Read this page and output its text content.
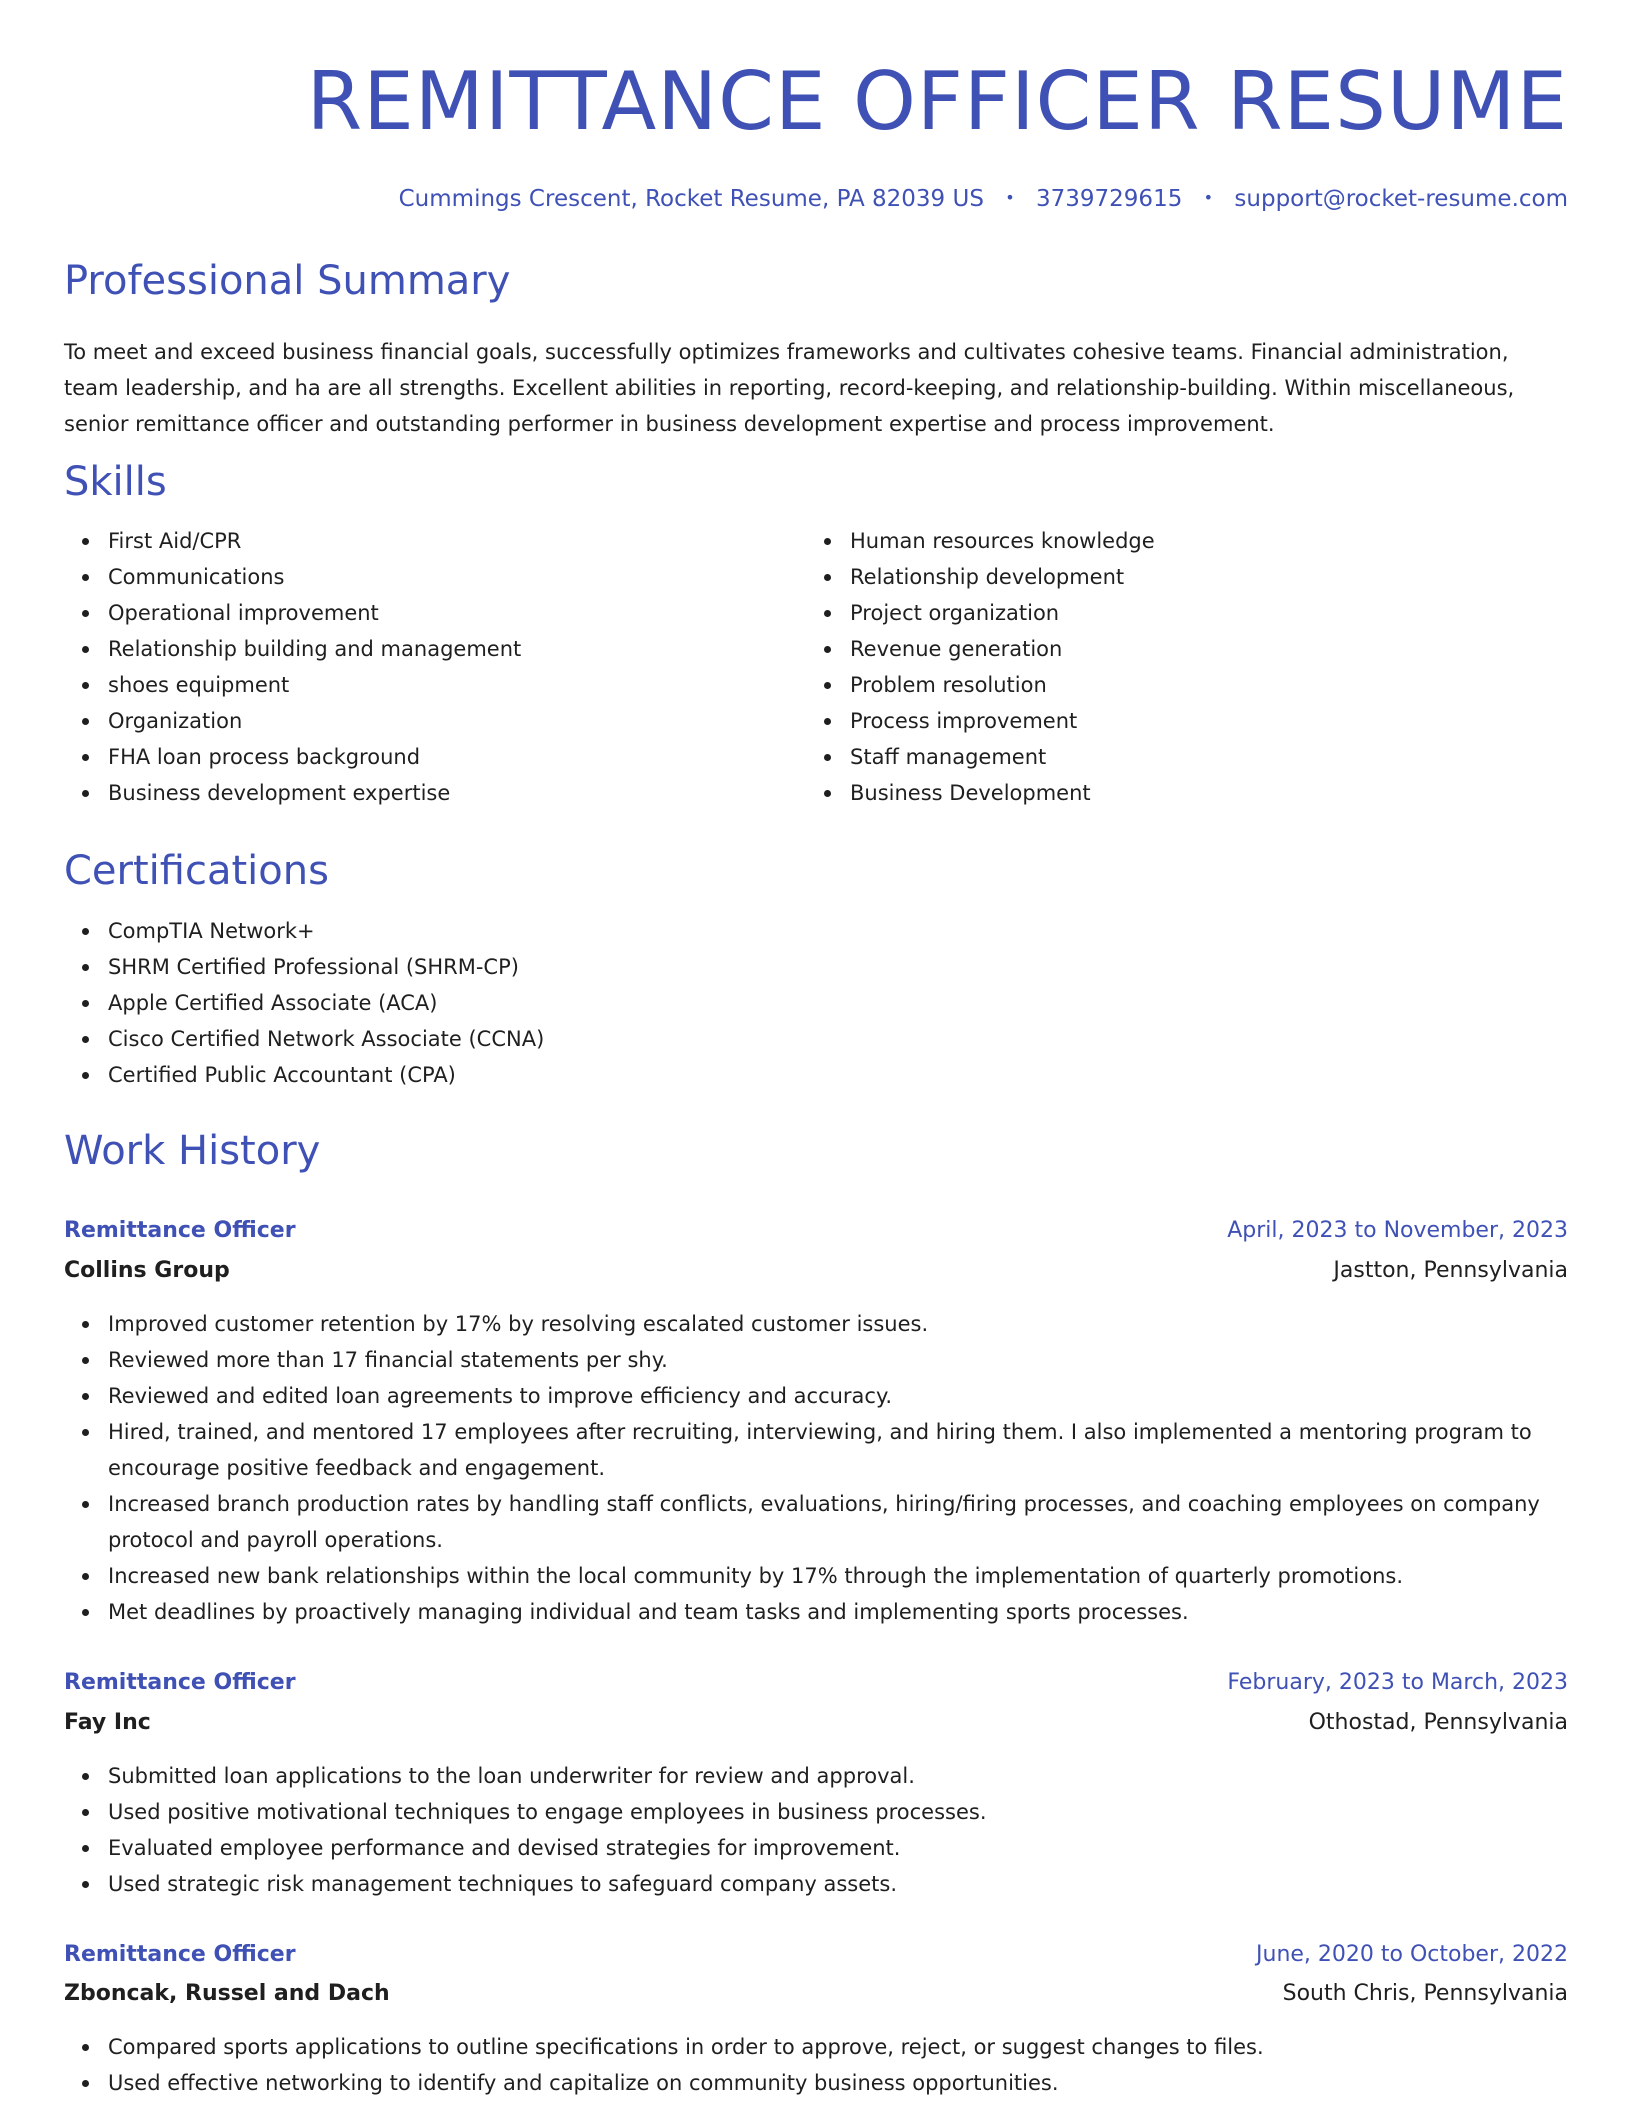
REMITTANCE OFFICER RESUME
Cummings Crescent, Rocket Resume, PA 82039 US • 3739729615 • support@rocket-resume.com
Professional Summary

To meet and exceed business financial goals, successfully optimizes frameworks and cultivates cohesive teams. Financial administration, team leadership, and ha are all strengths. Excellent abilities in reporting, record-keeping, and relationship-building. Within miscellaneous, senior remittance officer and outstanding performer in business development expertise and process improvement.

Skills
First Aid/CPR
Communications
Operational improvement
Relationship building and management
shoes equipment
Organization
FHA loan process background
Business development expertise
Human resources knowledge
Relationship development
Project organization
Revenue generation
Problem resolution
Process improvement
Staff management
Business Development
Certifications
CompTIA Network+
SHRM Certified Professional (SHRM-CP)
Apple Certified Associate (ACA)
Cisco Certified Network Associate (CCNA)
Certified Public Accountant (CPA)
Work History
Remittance Officer	April, 2023 to November, 2023
Collins Group	Jastton, Pennsylvania
Improved customer retention by 17% by resolving escalated customer issues.
Reviewed more than 17 financial statements per shy.
Reviewed and edited loan agreements to improve efficiency and accuracy.
Hired, trained, and mentored 17 employees after recruiting, interviewing, and hiring them. I also implemented a mentoring program to encourage positive feedback and engagement.
Increased branch production rates by handling staff conflicts, evaluations, hiring/firing processes, and coaching employees on company protocol and payroll operations.
Increased new bank relationships within the local community by 17% through the implementation of quarterly promotions.
Met deadlines by proactively managing individual and team tasks and implementing sports processes.
Remittance Officer	February, 2023 to March, 2023
Fay Inc	Othostad, Pennsylvania
Submitted loan applications to the loan underwriter for review and approval.
Used positive motivational techniques to engage employees in business processes.
Evaluated employee performance and devised strategies for improvement.
Used strategic risk management techniques to safeguard company assets.
Remittance Officer	June, 2020 to October, 2022
Zboncak, Russel and Dach	South Chris, Pennsylvania
Compared sports applications to outline specifications in order to approve, reject, or suggest changes to files.
Used effective networking to identify and capitalize on community business opportunities.
